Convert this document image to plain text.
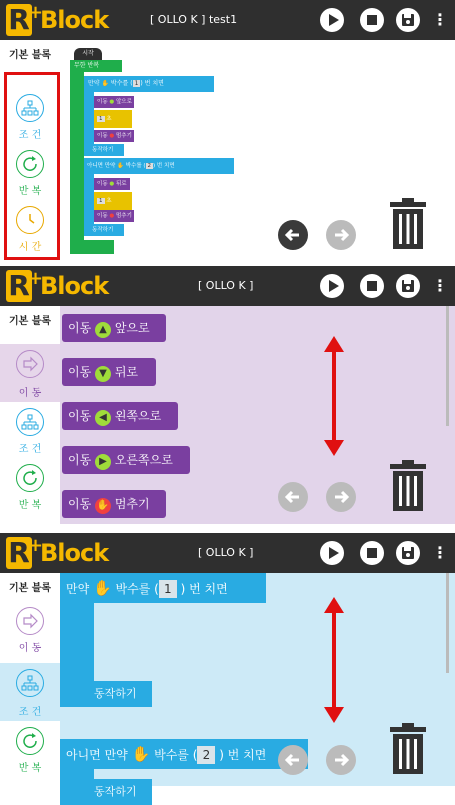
R
+
Block	[ OLLO K ] test1	⋮
기본 블록
조 건
반 복
시 간
시작
무한 반복
만약 ✋ 박수를 ( 1 ) 번 치면
이동 ● 앞으로
1 초
이동 ● 멈추기
동작하기
아니면 만약 ✋ 박수를 ( 2 ) 번 치면
이동 ● 뒤로
1 초
이동 ● 멈추기
동작하기
R
+
Block	[ OLLO K ]	⋮
기본 블록
이 동
조 건
반 복
이동 ▲ 앞으로
이동 ▼ 뒤로
이동 ◀ 왼쪽으로
이동 ▶ 오른쪽으로
이동 ✋ 멈추기
R
+
Block	[ OLLO K ]	⋮
기본 블록
이 동
조 건
반 복
만약 ✋ 박수를 ( 1 ) 번 치면
동작하기
아니면 만약 ✋ 박수를 ( 2 ) 번 치면
동작하기
